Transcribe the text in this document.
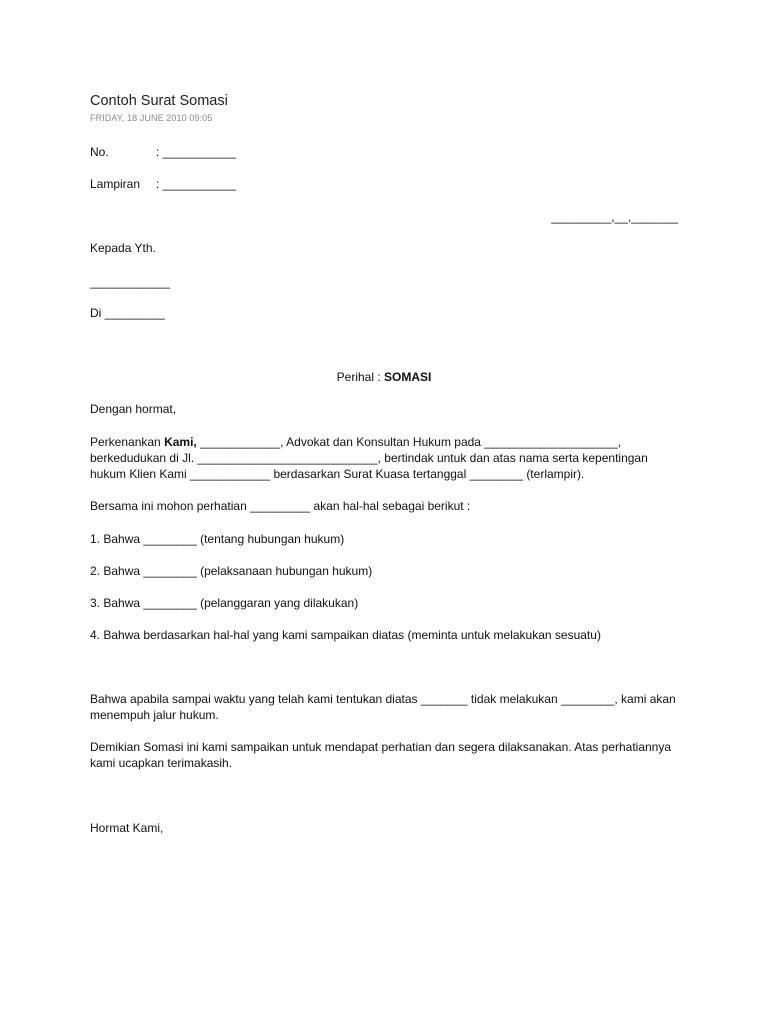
Contoh Surat Somasi
FRIDAY, 18 JUNE 2010 09:05
No.	: ___________
Lampiran : ___________
_________,__,_______
Kepada Yth.
____________
Di _________
Perihal : SOMASI
Dengan hormat,
Perkenankan Kami, ____________, Advokat dan Konsultan Hukum pada ____________________,
berkedudukan di Jl. ___________________________, bertindak untuk dan atas nama serta kepentingan
hukum Klien Kami ____________ berdasarkan Surat Kuasa tertanggal ________ (terlampir).
Bersama ini mohon perhatian _________ akan hal-hal sebagai berikut :
1. Bahwa ________ (tentang hubungan hukum)
2. Bahwa ________ (pelaksanaan hubungan hukum)
3. Bahwa ________ (pelanggaran yang dilakukan)
4. Bahwa berdasarkan hal-hal yang kami sampaikan diatas (meminta untuk melakukan sesuatu)
Bahwa apabila sampai waktu yang telah kami tentukan diatas _______ tidak melakukan ________, kami akan
menempuh jalur hukum.
Demikian Somasi ini kami sampaikan untuk mendapat perhatian dan segera dilaksanakan. Atas perhatiannya
kami ucapkan terimakasih.
Hormat Kami,
